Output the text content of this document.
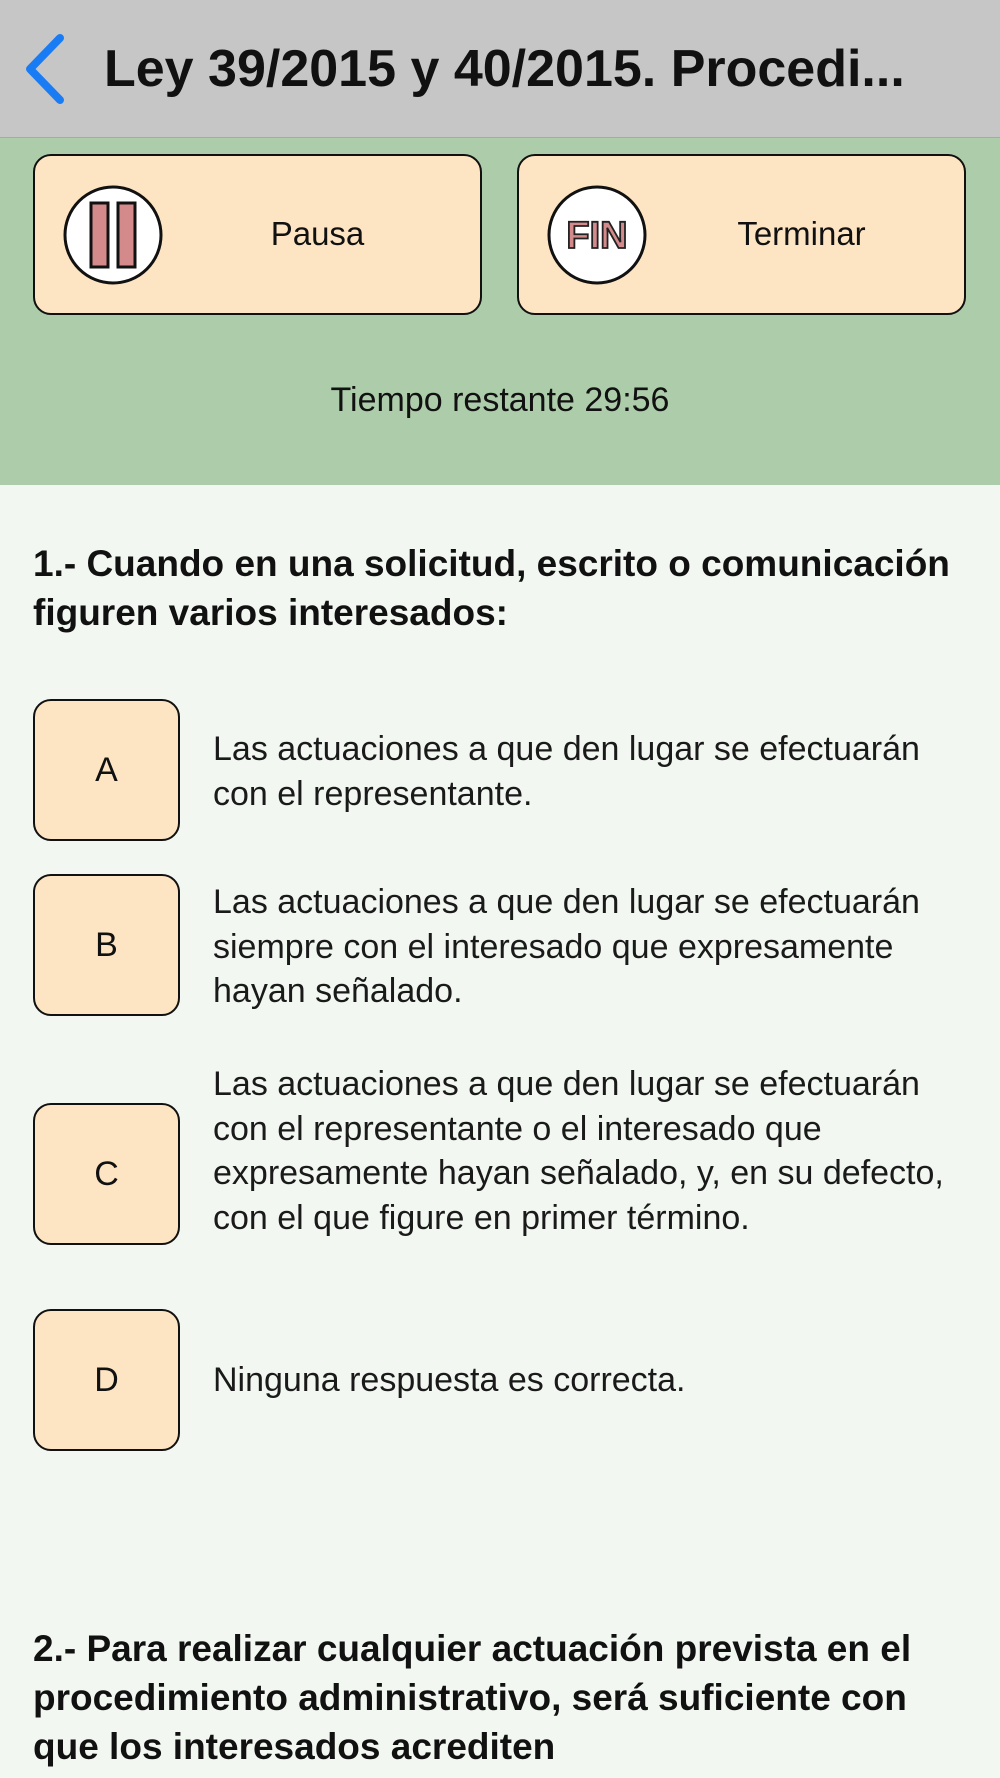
Ley 39/2015 y 40/2015. Procedi...
Pausa	FIN	Terminar
Tiempo restante 29:56
1.- Cuando en una solicitud, escrito o comunicación figuren varios interesados:
A
Las actuaciones a que den lugar se efectuarán con el representante.
B
Las actuaciones a que den lugar se efectuarán siempre con el interesado que expresamente hayan señalado.
C
Las actuaciones a que den lugar se efectuarán con el representante o el interesado que expresamente hayan señalado, y, en su defecto, con el que figure en primer término.
D	Ninguna respuesta es correcta.
2.- Para realizar cualquier actuación prevista en el procedimiento administrativo, será suficiente con que los interesados acrediten
